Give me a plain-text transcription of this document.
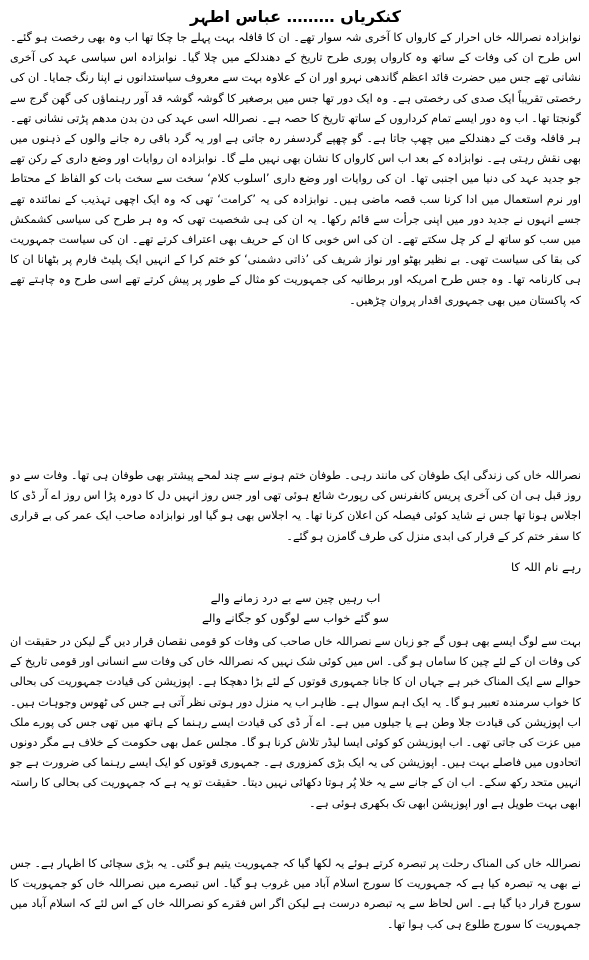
کنکریاں ……… عباس اطہر

نوابزادہ نصراللہ خاں احرار کے کارواں کا آخری شہ سوار تھے۔ ان کا قافلہ بہت پہلے جا چکا تھا اب وہ بھی رخصت ہو گئے۔ اس طرح ان کی وفات کے ساتھ وہ کارواں پوری طرح تاریخ کے دھندلکے میں چلا گیا۔ نوابزادہ اس سیاسی عہد کی آخری نشانی تھے جس میں حضرت قائد اعظم گاندھی نہرو اور ان کے علاوہ بہت سے معروف سیاستدانوں نے اپنا رنگ جمایا۔ ان کی رخصتی تقریباً ایک صدی کی رخصتی ہے۔ وہ ایک دور تھا جس میں برصغیر کا گوشہ گوشہ قد آور رہنماؤں کی گھن گرج سے گونجتا تھا۔ اب وہ دور ایسے تمام کرداروں کے ساتھ تاریخ کا حصہ ہے۔ نصراللہ اسی عہد کی دن بدن مدھم پڑتی نشانی تھے۔ ہر قافلہ وقت کے دھندلکے میں چھپ جاتا ہے۔ گو چھپے گردسفر رہ جاتی ہے اور یہ گرد باقی رہ جانے والوں کے ذہنوں میں بھی نقش رہتی ہے۔ نوابزادہ کے بعد اب اس کارواں کا نشان بھی نہیں ملے گا۔ نوابزادہ ان روایات اور وضع داری کے رکن تھے جو جدید عہد کی دنیا میں اجنبی تھا۔ ان کی روایات اور وضع داری ’اسلوب کلام‘ سخت سے سخت بات کو الفاظ کے محتاط اور نرم استعمال میں ادا کرنا سب قصہ ماضی ہیں۔ نوابزادہ کی یہ ’کرامت‘ تھی کہ وہ ایک اچھی تہذیب کے نمائندہ تھے جسے انہوں نے جدید دور میں اپنی جرأت سے قائم رکھا۔ یہ ان کی ہی شخصیت تھی کہ وہ ہر طرح کی سیاسی کشمکش میں سب کو ساتھ لے کر چل سکتے تھے۔ ان کی اس خوبی کا ان کے حریف بھی اعتراف کرتے تھے۔ ان کی سیاست جمہوریت کی بقا کی سیاست تھی۔ بے نظیر بھٹو اور نواز شریف کی ’ذاتی دشمنی‘ کو ختم کرا کے انہیں ایک پلیٹ فارم پر بٹھانا ان کا ہی کارنامہ تھا۔ وہ جس طرح امریکہ اور برطانیہ کی جمہوریت کو مثال کے طور پر پیش کرتے تھے اسی طرح وہ چاہتے تھے کہ پاکستان میں بھی جمہوری اقدار پروان چڑھیں۔

نصراللہ خاں کی زندگی ایک طوفان کی مانند رہی۔ طوفان ختم ہونے سے چند لمحے پیشتر بھی طوفان ہی تھا۔ وفات سے دو روز قبل ہی ان کی آخری پریس کانفرنس کی رپورٹ شائع ہوئی تھی اور جس روز انہیں دل کا دورہ پڑا اس روز اے آر ڈی کا اجلاس ہونا تھا جس نے شاید کوئی فیصلہ کن اعلان کرنا تھا۔ یہ اجلاس بھی ہو گیا اور نوابزادہ صاحب ایک عمر کی بے قراری کا سفر ختم کر کے قرار کی ابدی منزل کی طرف گامزن ہو گئے۔

رہے نام اللہ کا

اب رہیں چین سے بے درد زمانے والے
سو گئے خواب سے لوگوں کو جگانے والے

بہت سے لوگ ایسے بھی ہوں گے جو زبان سے نصراللہ خاں صاحب کی وفات کو قومی نقصان قرار دیں گے لیکن در حقیقت ان کی وفات ان کے لئے چین کا ساماں ہو گی۔ اس میں کوئی شک نہیں کہ نصراللہ خاں کی وفات سے انسانی اور قومی تاریخ کے حوالے سے ایک المناک خبر ہے جہاں ان کا جانا جمہوری قوتوں کے لئے بڑا دھچکا ہے۔ اپوزیشن کی قیادت جمہوریت کی بحالی کا خواب سرمندہ تعبیر ہو گا۔ یہ ایک اہم سوال ہے۔ ظاہر اب یہ منزل دور ہوتی نظر آتی ہے جس کی ٹھوس وجوہات ہیں۔ اب اپوزیشن کی قیادت جلا وطن ہے یا جیلوں میں ہے۔ اے آر ڈی کی قیادت ایسے رہنما کے ہاتھ میں تھی جس کی پورے ملک میں عزت کی جاتی تھی۔ اب اپوزیشن کو کوئی ایسا لیڈر تلاش کرنا ہو گا۔ مجلس عمل بھی حکومت کے خلاف ہے مگر دونوں اتحادوں میں فاصلے بہت ہیں۔ اپوزیشن کی یہ ایک بڑی کمزوری ہے۔ جمہوری قوتوں کو ایک ایسے رہنما کی ضرورت ہے جو انہیں متحد رکھ سکے۔ اب ان کے جانے سے یہ خلا پُر ہوتا دکھائی نہیں دیتا۔ حقیقت تو یہ ہے کہ جمہوریت کی بحالی کا راستہ ابھی بہت طویل ہے اور اپوزیشن ابھی تک بکھری ہوئی ہے۔

نصراللہ خاں کی المناک رحلت پر تبصرہ کرتے ہوئے یہ لکھا گیا کہ جمہوریت یتیم ہو گئی۔ یہ بڑی سچائی کا اظہار ہے۔ جس نے بھی یہ تبصرہ کیا ہے کہ جمہوریت کا سورج اسلام آباد میں غروب ہو گیا۔ اس تبصرے میں نصراللہ خاں کو جمہوریت کا سورج قرار دیا گیا ہے۔ اس لحاظ سے یہ تبصرہ درست ہے لیکن اگر اس فقرے کو نصراللہ خاں کے اس لئے کہ اسلام آباد میں جمہوریت کا سورج طلوع ہی کب ہوا تھا۔
